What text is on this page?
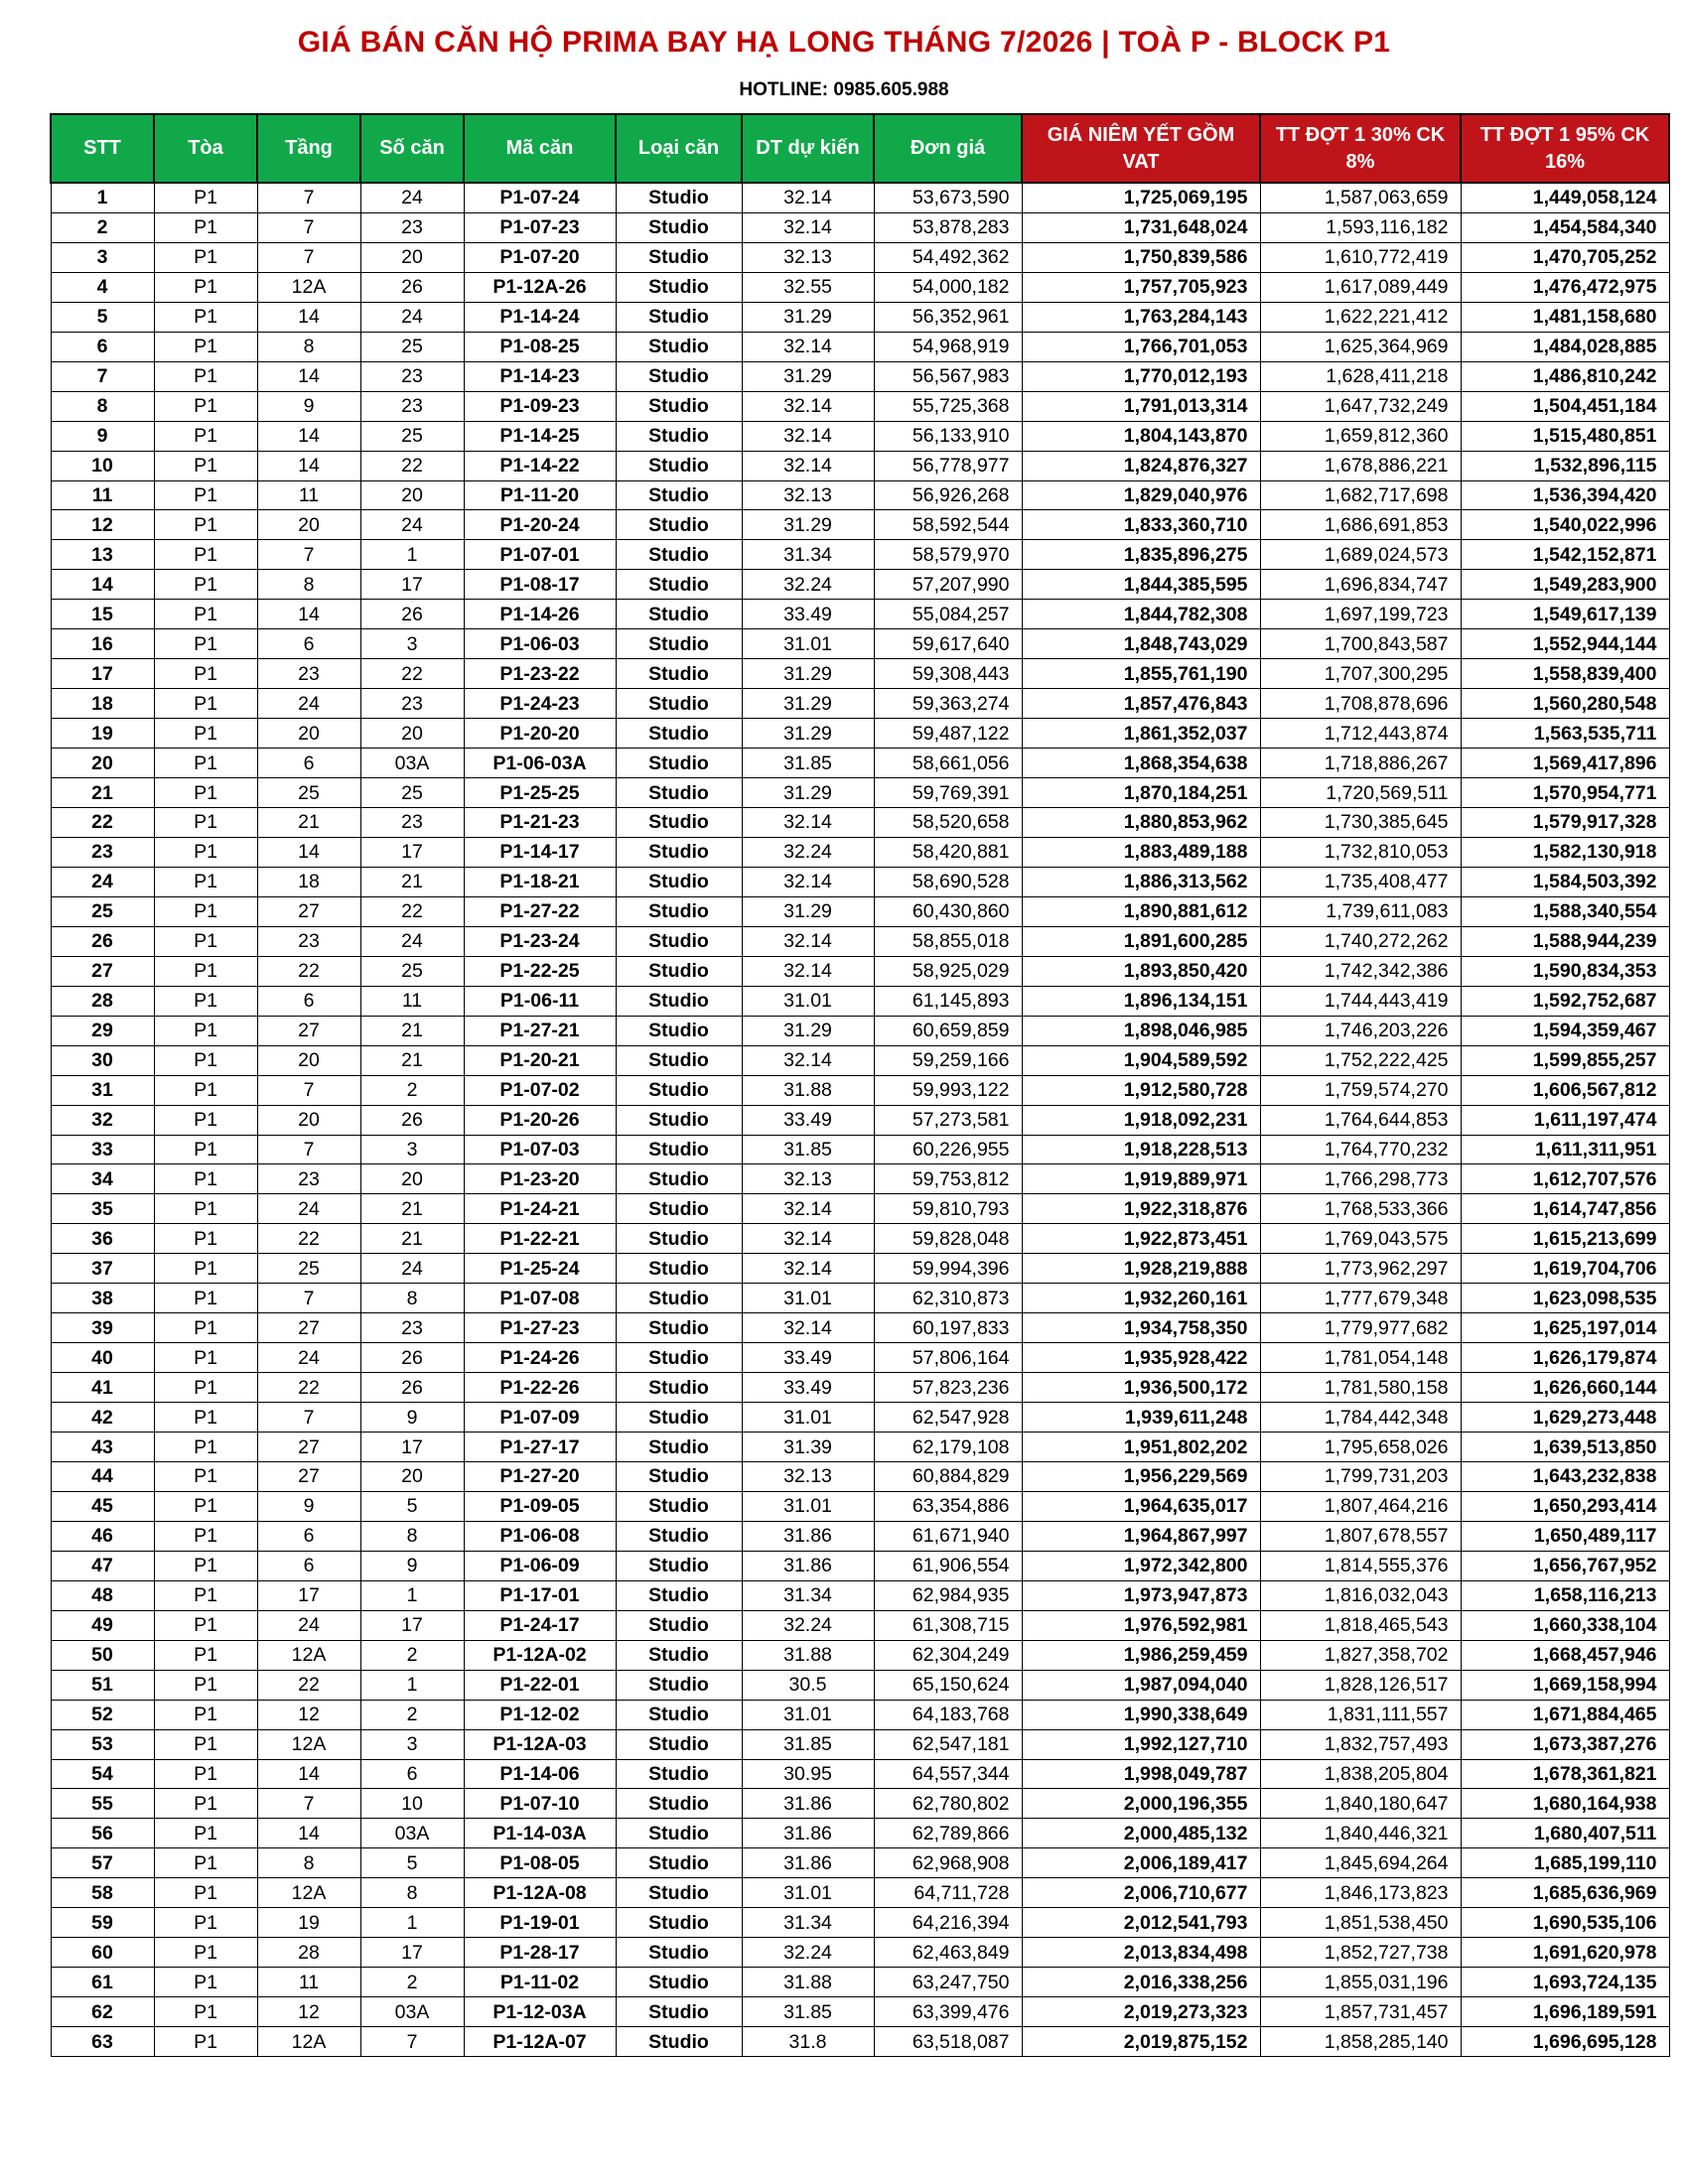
GIÁ BÁN CĂN HỘ PRIMA BAY HẠ LONG THÁNG 7/2026 | TOÀ P - BLOCK P1
HOTLINE: 0985.605.988
STT	Tòa	Tầng	Số căn	Mã căn	Loại căn	DT dự kiến	Đơn giá	GIÁ NIÊM YẾT GỒM VAT	TT ĐỢT 1 30% CK 8%	TT ĐỢT 1 95% CK 16%
1	P1	7	24	P1-07-24	Studio	32.14	53,673,590	1,725,069,195	1,587,063,659	1,449,058,124
2	P1	7	23	P1-07-23	Studio	32.14	53,878,283	1,731,648,024	1,593,116,182	1,454,584,340
3	P1	7	20	P1-07-20	Studio	32.13	54,492,362	1,750,839,586	1,610,772,419	1,470,705,252
4	P1	12A	26	P1-12A-26	Studio	32.55	54,000,182	1,757,705,923	1,617,089,449	1,476,472,975
5	P1	14	24	P1-14-24	Studio	31.29	56,352,961	1,763,284,143	1,622,221,412	1,481,158,680
6	P1	8	25	P1-08-25	Studio	32.14	54,968,919	1,766,701,053	1,625,364,969	1,484,028,885
7	P1	14	23	P1-14-23	Studio	31.29	56,567,983	1,770,012,193	1,628,411,218	1,486,810,242
8	P1	9	23	P1-09-23	Studio	32.14	55,725,368	1,791,013,314	1,647,732,249	1,504,451,184
9	P1	14	25	P1-14-25	Studio	32.14	56,133,910	1,804,143,870	1,659,812,360	1,515,480,851
10	P1	14	22	P1-14-22	Studio	32.14	56,778,977	1,824,876,327	1,678,886,221	1,532,896,115
11	P1	11	20	P1-11-20	Studio	32.13	56,926,268	1,829,040,976	1,682,717,698	1,536,394,420
12	P1	20	24	P1-20-24	Studio	31.29	58,592,544	1,833,360,710	1,686,691,853	1,540,022,996
13	P1	7	1	P1-07-01	Studio	31.34	58,579,970	1,835,896,275	1,689,024,573	1,542,152,871
14	P1	8	17	P1-08-17	Studio	32.24	57,207,990	1,844,385,595	1,696,834,747	1,549,283,900
15	P1	14	26	P1-14-26	Studio	33.49	55,084,257	1,844,782,308	1,697,199,723	1,549,617,139
16	P1	6	3	P1-06-03	Studio	31.01	59,617,640	1,848,743,029	1,700,843,587	1,552,944,144
17	P1	23	22	P1-23-22	Studio	31.29	59,308,443	1,855,761,190	1,707,300,295	1,558,839,400
18	P1	24	23	P1-24-23	Studio	31.29	59,363,274	1,857,476,843	1,708,878,696	1,560,280,548
19	P1	20	20	P1-20-20	Studio	31.29	59,487,122	1,861,352,037	1,712,443,874	1,563,535,711
20	P1	6	03A	P1-06-03A	Studio	31.85	58,661,056	1,868,354,638	1,718,886,267	1,569,417,896
21	P1	25	25	P1-25-25	Studio	31.29	59,769,391	1,870,184,251	1,720,569,511	1,570,954,771
22	P1	21	23	P1-21-23	Studio	32.14	58,520,658	1,880,853,962	1,730,385,645	1,579,917,328
23	P1	14	17	P1-14-17	Studio	32.24	58,420,881	1,883,489,188	1,732,810,053	1,582,130,918
24	P1	18	21	P1-18-21	Studio	32.14	58,690,528	1,886,313,562	1,735,408,477	1,584,503,392
25	P1	27	22	P1-27-22	Studio	31.29	60,430,860	1,890,881,612	1,739,611,083	1,588,340,554
26	P1	23	24	P1-23-24	Studio	32.14	58,855,018	1,891,600,285	1,740,272,262	1,588,944,239
27	P1	22	25	P1-22-25	Studio	32.14	58,925,029	1,893,850,420	1,742,342,386	1,590,834,353
28	P1	6	11	P1-06-11	Studio	31.01	61,145,893	1,896,134,151	1,744,443,419	1,592,752,687
29	P1	27	21	P1-27-21	Studio	31.29	60,659,859	1,898,046,985	1,746,203,226	1,594,359,467
30	P1	20	21	P1-20-21	Studio	32.14	59,259,166	1,904,589,592	1,752,222,425	1,599,855,257
31	P1	7	2	P1-07-02	Studio	31.88	59,993,122	1,912,580,728	1,759,574,270	1,606,567,812
32	P1	20	26	P1-20-26	Studio	33.49	57,273,581	1,918,092,231	1,764,644,853	1,611,197,474
33	P1	7	3	P1-07-03	Studio	31.85	60,226,955	1,918,228,513	1,764,770,232	1,611,311,951
34	P1	23	20	P1-23-20	Studio	32.13	59,753,812	1,919,889,971	1,766,298,773	1,612,707,576
35	P1	24	21	P1-24-21	Studio	32.14	59,810,793	1,922,318,876	1,768,533,366	1,614,747,856
36	P1	22	21	P1-22-21	Studio	32.14	59,828,048	1,922,873,451	1,769,043,575	1,615,213,699
37	P1	25	24	P1-25-24	Studio	32.14	59,994,396	1,928,219,888	1,773,962,297	1,619,704,706
38	P1	7	8	P1-07-08	Studio	31.01	62,310,873	1,932,260,161	1,777,679,348	1,623,098,535
39	P1	27	23	P1-27-23	Studio	32.14	60,197,833	1,934,758,350	1,779,977,682	1,625,197,014
40	P1	24	26	P1-24-26	Studio	33.49	57,806,164	1,935,928,422	1,781,054,148	1,626,179,874
41	P1	22	26	P1-22-26	Studio	33.49	57,823,236	1,936,500,172	1,781,580,158	1,626,660,144
42	P1	7	9	P1-07-09	Studio	31.01	62,547,928	1,939,611,248	1,784,442,348	1,629,273,448
43	P1	27	17	P1-27-17	Studio	31.39	62,179,108	1,951,802,202	1,795,658,026	1,639,513,850
44	P1	27	20	P1-27-20	Studio	32.13	60,884,829	1,956,229,569	1,799,731,203	1,643,232,838
45	P1	9	5	P1-09-05	Studio	31.01	63,354,886	1,964,635,017	1,807,464,216	1,650,293,414
46	P1	6	8	P1-06-08	Studio	31.86	61,671,940	1,964,867,997	1,807,678,557	1,650,489,117
47	P1	6	9	P1-06-09	Studio	31.86	61,906,554	1,972,342,800	1,814,555,376	1,656,767,952
48	P1	17	1	P1-17-01	Studio	31.34	62,984,935	1,973,947,873	1,816,032,043	1,658,116,213
49	P1	24	17	P1-24-17	Studio	32.24	61,308,715	1,976,592,981	1,818,465,543	1,660,338,104
50	P1	12A	2	P1-12A-02	Studio	31.88	62,304,249	1,986,259,459	1,827,358,702	1,668,457,946
51	P1	22	1	P1-22-01	Studio	30.5	65,150,624	1,987,094,040	1,828,126,517	1,669,158,994
52	P1	12	2	P1-12-02	Studio	31.01	64,183,768	1,990,338,649	1,831,111,557	1,671,884,465
53	P1	12A	3	P1-12A-03	Studio	31.85	62,547,181	1,992,127,710	1,832,757,493	1,673,387,276
54	P1	14	6	P1-14-06	Studio	30.95	64,557,344	1,998,049,787	1,838,205,804	1,678,361,821
55	P1	7	10	P1-07-10	Studio	31.86	62,780,802	2,000,196,355	1,840,180,647	1,680,164,938
56	P1	14	03A	P1-14-03A	Studio	31.86	62,789,866	2,000,485,132	1,840,446,321	1,680,407,511
57	P1	8	5	P1-08-05	Studio	31.86	62,968,908	2,006,189,417	1,845,694,264	1,685,199,110
58	P1	12A	8	P1-12A-08	Studio	31.01	64,711,728	2,006,710,677	1,846,173,823	1,685,636,969
59	P1	19	1	P1-19-01	Studio	31.34	64,216,394	2,012,541,793	1,851,538,450	1,690,535,106
60	P1	28	17	P1-28-17	Studio	32.24	62,463,849	2,013,834,498	1,852,727,738	1,691,620,978
61	P1	11	2	P1-11-02	Studio	31.88	63,247,750	2,016,338,256	1,855,031,196	1,693,724,135
62	P1	12	03A	P1-12-03A	Studio	31.85	63,399,476	2,019,273,323	1,857,731,457	1,696,189,591
63	P1	12A	7	P1-12A-07	Studio	31.8	63,518,087	2,019,875,152	1,858,285,140	1,696,695,128
